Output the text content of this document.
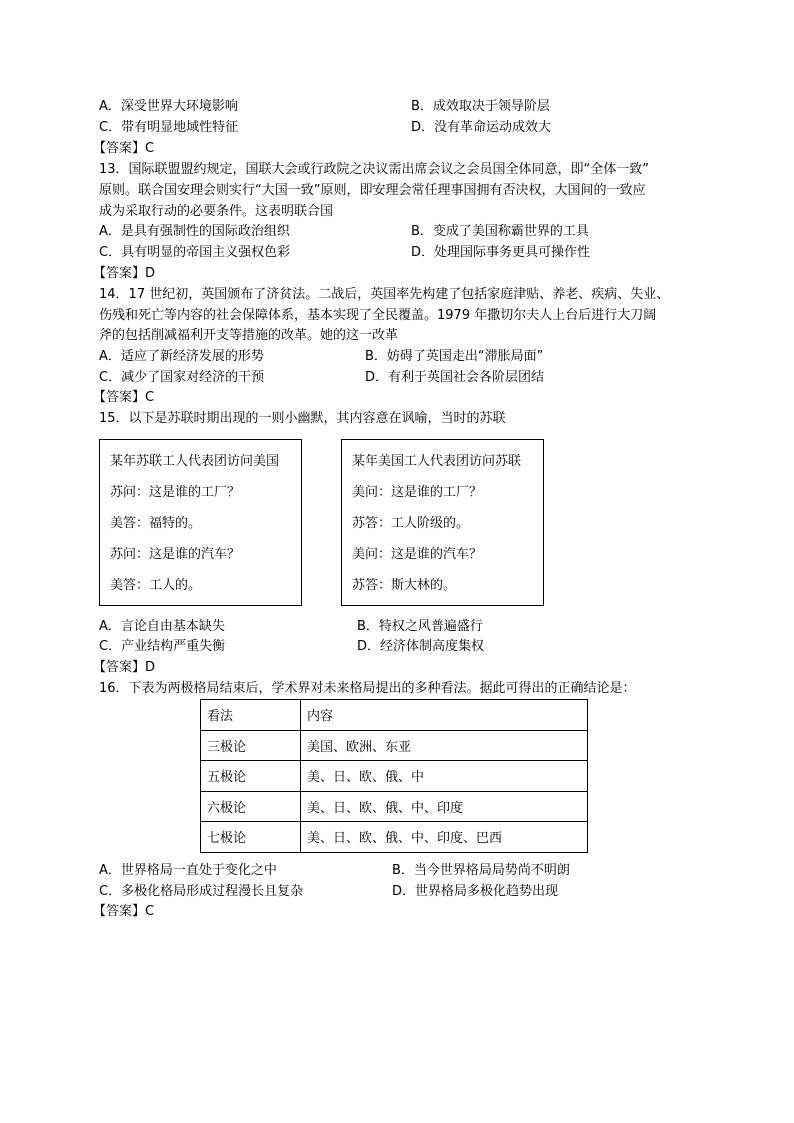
A．深受世界大环境影响	B．成效取决于领导阶层
C．带有明显地域性特征	D．没有革命运动成效大
【答案】C
13．国际联盟盟约规定，国联大会或行政院之决议需出席会议之会员国全体同意，即“全体一致”
原则。联合国安理会则实行“大国一致”原则，即安理会常任理事国拥有否决权，大国间的一致应
成为采取行动的必要条件。这表明联合国
A．是具有强制性的国际政治组织	B．变成了美国称霸世界的工具
C．具有明显的帝国主义强权色彩	D．处理国际事务更具可操作性
【答案】D
14．17 世纪初，英国颁布了济贫法。二战后，英国率先构建了包括家庭津贴、养老、疾病、失业、
伤残和死亡等内容的社会保障体系，基本实现了全民覆盖。1979 年撒切尔夫人上台后进行大刀阔
斧的包括削减福利开支等措施的改革。她的这一改革
A．适应了新经济发展的形势	B．妨碍了英国走出“滞胀局面”
C．减少了国家对经济的干预	D．有利于英国社会各阶层团结
【答案】C
15．以下是苏联时期出现的一则小幽默，其内容意在讽喻，当时的苏联
某年苏联工人代表团访问美国
苏问：这是谁的工厂？
美答：福特的。
苏问：这是谁的汽车？
美答：工人的。
某年美国工人代表团访问苏联
美问：这是谁的工厂？
苏答：工人阶级的。
美问：这是谁的汽车？
苏答：斯大林的。
A．言论自由基本缺失	B．特权之风普遍盛行
C．产业结构严重失衡	D．经济体制高度集权
【答案】D
16．下表为两极格局结束后，学术界对未来格局提出的多种看法。据此可得出的正确结论是：
看法	内容
三极论	美国、欧洲、东亚
五极论	美、日、欧、俄、中
六极论	美、日、欧、俄、中、印度
七极论	美、日、欧、俄、中、印度、巴西
A．世界格局一直处于变化之中	B．当今世界格局局势尚不明朗
C．多极化格局形成过程漫长且复杂	D．世界格局多极化趋势出现
【答案】C
